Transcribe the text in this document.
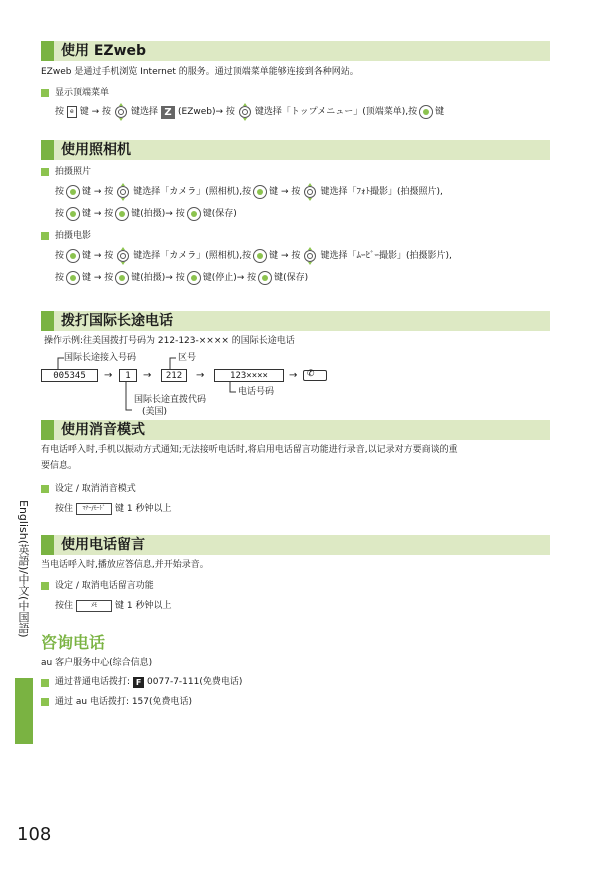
使用 EZweb
EZweb 是通过手机浏览 Internet 的服务。通过顶端菜单能够连接到各种网站。
显示顶端菜单
按	e 键 → 按 键选择 Z (EZweb)→ 按 键选择「トップメニュー」(顶端菜单),按 键
使用照相机
拍摄照片
按 键 → 按 键选择「カメラ」(照相机),按 键 → 按 键选择「ﾌｫﾄ撮影」(拍摄照片),
按 键 → 按 键(拍摄)→ 按 键(保存)
拍摄电影
按 键 → 按 键选择「カメラ」(照相机),按 键 → 按 键选择「ﾑｰﾋﾞｰ撮影」(拍摄影片),
按 键 → 按 键(拍摄)→ 按 键(停止)→ 按 键(保存)
拨打国际长途电话
操作示例:往美国拨打号码为 212-123-×××× 的国际长途电话
国际长途接入号码	区号
005345	→	1	→	212	→	123××××	→ ✆
电话号码
国际长途直拨代码
(美国)
使用消音模式
有电话呼入时,手机以振动方式通知;无法接听电话时,将启用电话留言功能进行录音,以记录对方要商谈的重
要信息。
设定 / 取消消音模式
按住	ﾏﾅｰ/ﾓｰﾄﾞ	键 1 秒钟以上
使用电话留言
当电话呼入时,播放应答信息,并开始录音。
设定 / 取消电话留言功能
按住	ﾒﾓ	键 1 秒钟以上
咨询电话
au 客户服务中心(综合信息)
通过普通电话拨打: F 0077-7-111(免费电话)
通过 au 电话拨打: 157(免费电话)
English(英語)/中文(中国語)
108
